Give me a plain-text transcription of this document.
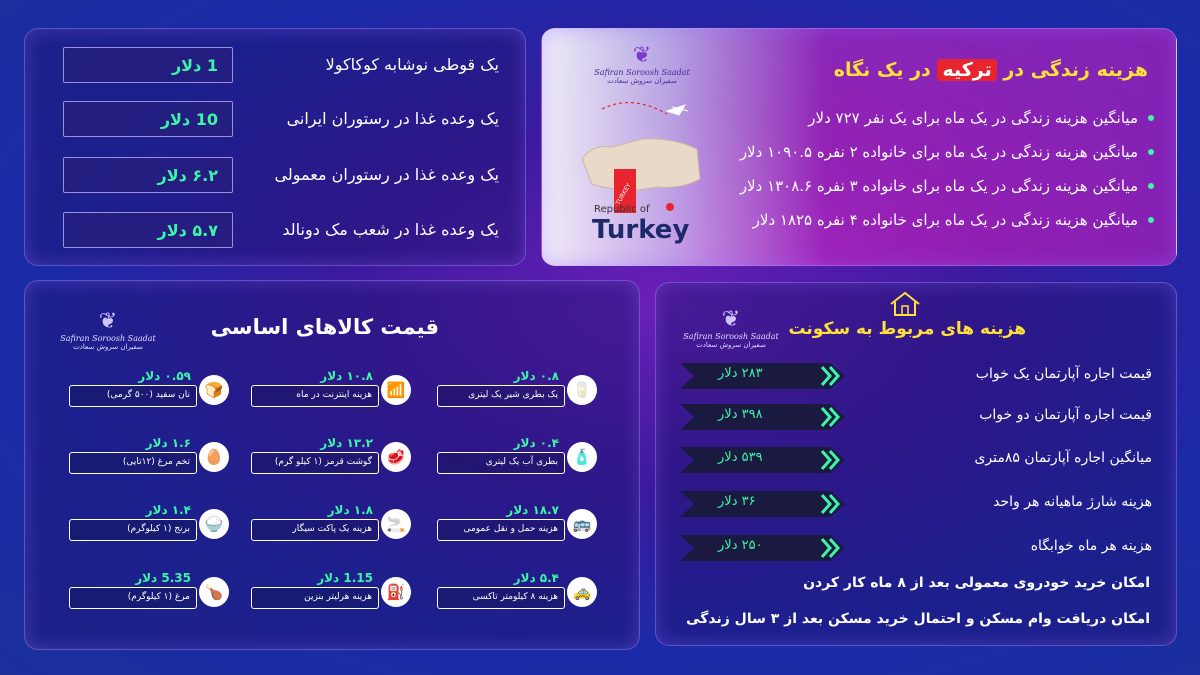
یک قوطی نوشابه کوکاکولا
1 دلار
یک وعده غذا در رستوران ایرانی
10 دلار
یک وعده غذا در رستوران معمولی
۶.۲ دلار
یک وعده غذا در شعب مک دونالد
۵.۷ دلار
❦
Safiran Soroosh Saadat
سفیران سروش سعادت
TURKEY
Republic of
Turkey
هزینه زندگی در ترکیه در یک نگاه
میانگین هزینه زندگی در یک ماه برای یک نفر ۷۲۷ دلار
میانگین هزینه زندگی در یک ماه برای خانواده ۲ نفره ۱۰۹۰.۵ دلار
میانگین هزینه زندگی در یک ماه برای خانواده ۳ نفره ۱۳۰۸.۶ دلار
میانگین هزینه زندگی در یک ماه برای خانواده ۴ نفره ۱۸۲۵ دلار
❦
Safiran Soroosh Saadat
سفیران سروش سعادت
قیمت کالاهای اساسی
۰.۸ دلار
یک بطری شیر یک لیتری 🥛
۱۰.۸ دلار
هزینه اینترنت در ماه 📶
۰.۵۹ دلار
نان سفید (۵۰۰ گرمی) 🍞
۰.۴ دلار
بطری آب یک لیتری 🧴
۱۳.۲ دلار
گوشت قرمز (۱ کیلو گرم) 🥩
۱.۶ دلار
تخم مرغ (۱۲تایی) 🥚
۱۸.۷ دلار
هزینه حمل و نقل عمومی 🚌
۱.۸ دلار
هزینه یک پاکت سیگار 🚬
۱.۴ دلار
برنج (۱ کیلوگرم) 🍚
۵.۴ دلار
هزینه ۸ کیلومتر تاکسی 🚕
1.15 دلار
هزینه هرلیتر بنزین ⛽
5.35 دلار
مرغ (۱ کیلوگرم) 🍗
❦
Safiran Soroosh Saadat
سفیران سروش سعادت
هزینه های مربوط به سکونت
۲۸۳ دلار	قیمت اجاره آپارتمان یک خواب
۳۹۸ دلار	قیمت اجاره آپارتمان دو خواب
۵۳۹ دلار	میانگین اجاره آپارتمان ۸۵متری
۳۶ دلار	هزینه شارژ ماهیانه هر واحد
۲۵۰ دلار	هزینه هر ماه خوابگاه
امکان خرید خودروی معمولی بعد از ۸ ماه کار کردن
امکان دریافت وام مسکن و احتمال خرید مسکن بعد از ۳ سال زندگی
